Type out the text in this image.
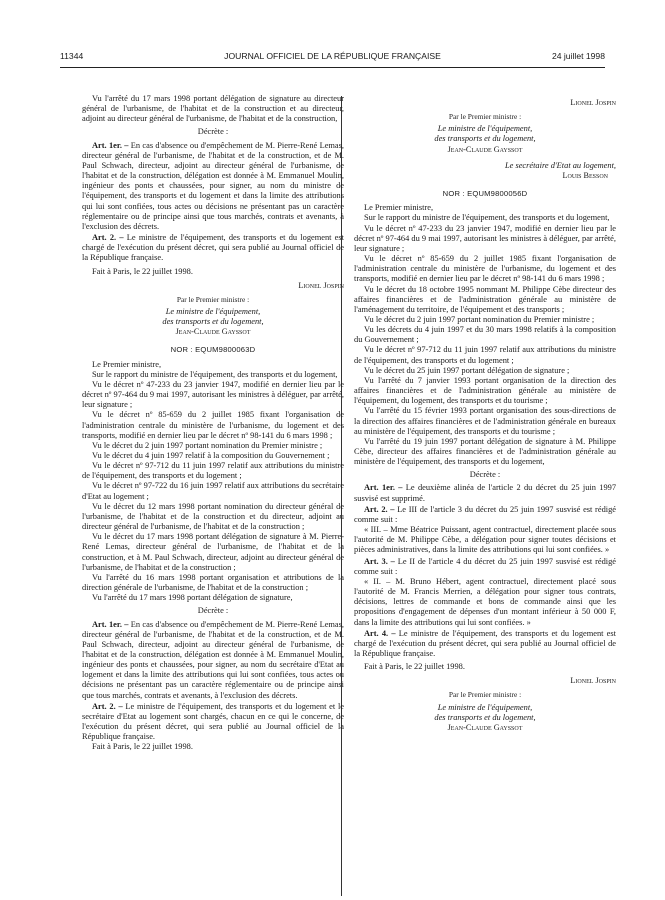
11344	JOURNAL OFFICIEL DE LA RÉPUBLIQUE FRANÇAISE	24 juillet 1998

Vu l'arrêté du 17 mars 1998 portant délégation de signature au directeur général de l'urbanisme, de l'habitat et de la construction et au directeur, adjoint au directeur général de l'urbanisme, de l'habitat et de la construction,

Décrète :

Art. 1er. – En cas d'absence ou d'empêchement de M. Pierre-René Lemas, directeur général de l'urbanisme, de l'habitat et de la construction, et de M. Paul Schwach, directeur, adjoint au directeur général de l'urbanisme, de l'habitat et de la construction, délégation est donnée à M. Emmanuel Moulin, ingénieur des ponts et chaussées, pour signer, au nom du ministre de l'équipement, des transports et du logement et dans la limite des attributions qui lui sont confiées, tous actes ou décisions ne présentant pas un caractère réglementaire ou de principe ainsi que tous marchés, contrats et avenants, à l'exclusion des décrets.

Art. 2. – Le ministre de l'équipement, des transports et du logement est chargé de l'exécution du présent décret, qui sera publié au Journal officiel de la République française.

Fait à Paris, le 22 juillet 1998.

Lionel Jospin
Par le Premier ministre :
Le ministre de l'équipement,
des transports et du logement,
Jean-Claude Gayssot
NOR : EQUM9800063D

Le Premier ministre,

Sur le rapport du ministre de l'équipement, des transports et du logement,

Vu le décret nº 47-233 du 23 janvier 1947, modifié en dernier lieu par le décret nº 97-464 du 9 mai 1997, autorisant les ministres à déléguer, par arrêté, leur signature ;

Vu le décret nº 85-659 du 2 juillet 1985 fixant l'organisation de l'administration centrale du ministère de l'urbanisme, du logement et des transports, modifié en dernier lieu par le décret nº 98-141 du 6 mars 1998 ;

Vu le décret du 2 juin 1997 portant nomination du Premier ministre ;

Vu le décret du 4 juin 1997 relatif à la composition du Gouvernement ;

Vu le décret nº 97-712 du 11 juin 1997 relatif aux attributions du ministre de l'équipement, des transports et du logement ;

Vu le décret nº 97-722 du 16 juin 1997 relatif aux attributions du secrétaire d'Etat au logement ;

Vu le décret du 12 mars 1998 portant nomination du directeur général de l'urbanisme, de l'habitat et de la construction et du directeur, adjoint au directeur général de l'urbanisme, de l'habitat et de la construction ;

Vu le décret du 17 mars 1998 portant délégation de signature à M. Pierre-René Lemas, directeur général de l'urbanisme, de l'habitat et de la construction, et à M. Paul Schwach, directeur, adjoint au directeur général de l'urbanisme, de l'habitat et de la construction ;

Vu l'arrêté du 16 mars 1998 portant organisation et attributions de la direction générale de l'urbanisme, de l'habitat et de la construction ;

Vu l'arrêté du 17 mars 1998 portant délégation de signature,

Décrète :

Art. 1er. – En cas d'absence ou d'empêchement de M. Pierre-René Lemas, directeur général de l'urbanisme, de l'habitat et de la construction, et de M. Paul Schwach, directeur, adjoint au directeur général de l'urbanisme, de l'habitat et de la construction, délégation est donnée à M. Emmanuel Moulin, ingénieur des ponts et chaussées, pour signer, au nom du secrétaire d'Etat au logement et dans la limite des attributions qui lui sont confiées, tous actes ou décisions ne présentant pas un caractère réglementaire ou de principe ainsi que tous marchés, contrats et avenants, à l'exclusion des décrets.

Art. 2. – Le ministre de l'équipement, des transports et du logement et le secrétaire d'Etat au logement sont chargés, chacun en ce qui le concerne, de l'exécution du présent décret, qui sera publié au Journal officiel de la République française.

Fait à Paris, le 22 juillet 1998.

Lionel Jospin
Par le Premier ministre :
Le ministre de l'équipement,
des transports et du logement,
Jean-Claude Gayssot
Le secrétaire d'Etat au logement,
Louis Besson
NOR : EQUM9800056D

Le Premier ministre,

Sur le rapport du ministre de l'équipement, des transports et du logement,

Vu le décret nº 47-233 du 23 janvier 1947, modifié en dernier lieu par le décret nº 97-464 du 9 mai 1997, autorisant les ministres à déléguer, par arrêté, leur signature ;

Vu le décret nº 85-659 du 2 juillet 1985 fixant l'organisation de l'administration centrale du ministère de l'urbanisme, du logement et des transports, modifié en dernier lieu par le décret nº 98-141 du 6 mars 1998 ;

Vu le décret du 18 octobre 1995 nommant M. Philippe Cèbe directeur des affaires financières et de l'administration générale au ministère de l'aménagement du territoire, de l'équipement et des transports ;

Vu le décret du 2 juin 1997 portant nomination du Premier ministre ;

Vu les décrets du 4 juin 1997 et du 30 mars 1998 relatifs à la composition du Gouvernement ;

Vu le décret nº 97-712 du 11 juin 1997 relatif aux attributions du ministre de l'équipement, des transports et du logement ;

Vu le décret du 25 juin 1997 portant délégation de signature ;

Vu l'arrêté du 7 janvier 1993 portant organisation de la direction des affaires financières et de l'administration générale au ministère de l'équipement, du logement, des transports et du tourisme ;

Vu l'arrêté du 15 février 1993 portant organisation des sous-directions de la direction des affaires financières et de l'administration générale en bureaux au ministère de l'équipement, des transports et du tourisme ;

Vu l'arrêté du 19 juin 1997 portant délégation de signature à M. Philippe Cèbe, directeur des affaires financières et de l'administration générale au ministère de l'équipement, des transports et du logement,

Décrète :

Art. 1er. – Le deuxième alinéa de l'article 2 du décret du 25 juin 1997 susvisé est supprimé.

Art. 2. – Le III de l'article 3 du décret du 25 juin 1997 susvisé est rédigé comme suit :

« III. – Mme Béatrice Puissant, agent contractuel, directement placée sous l'autorité de M. Philippe Cèbe, a délégation pour signer toutes décisions et pièces administratives, dans la limite des attributions qui lui sont confiées. »

Art. 3. – Le II de l'article 4 du décret du 25 juin 1997 susvisé est rédigé comme suit :

« II. – M. Bruno Hébert, agent contractuel, directement placé sous l'autorité de M. Francis Merrien, a délégation pour signer tous contrats, décisions, lettres de commande et bons de commande ainsi que les propositions d'engagement de dépenses d'un montant inférieur à 50 000 F, dans la limite des attributions qui lui sont confiées. »

Art. 4. – Le ministre de l'équipement, des transports et du logement est chargé de l'exécution du présent décret, qui sera publié au Journal officiel de la République française.

Fait à Paris, le 22 juillet 1998.

Lionel Jospin
Par le Premier ministre :
Le ministre de l'équipement,
des transports et du logement,
Jean-Claude Gayssot
